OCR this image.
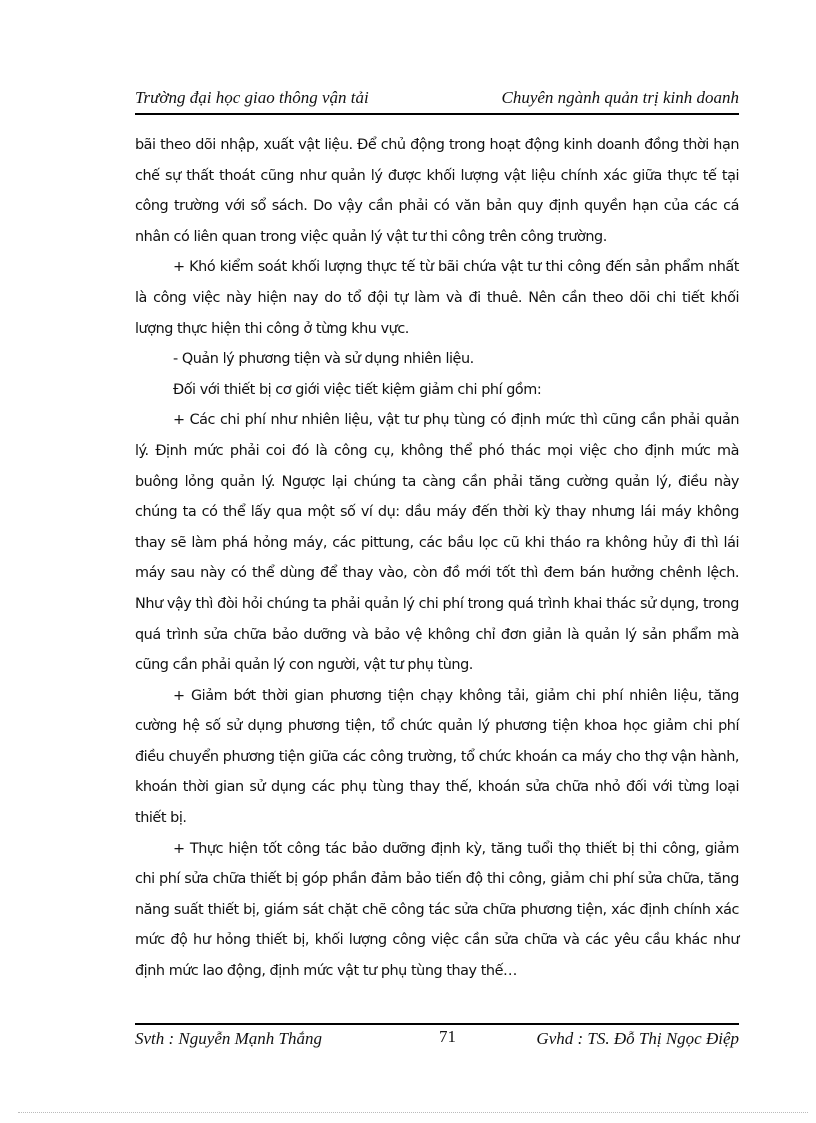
Trường đại học giao thông vận tải	Chuyên ngành quản trị kinh doanh

bãi theo dõi nhập, xuất vật liệu. Để chủ động trong hoạt động kinh doanh đồng thời hạn chế sự thất thoát cũng như quản lý được khối lượng vật liệu chính xác giữa thực tế tại công trường với sổ sách. Do vậy cần phải có văn bản quy định quyền hạn của các cá nhân có liên quan trong việc quản lý vật tư thi công trên công trường.

+ Khó kiểm soát khối lượng thực tế từ bãi chứa vật tư thi công đến sản phẩm nhất là công việc này hiện nay do tổ đội tự làm và đi thuê. Nên cần theo dõi chi tiết khối lượng thực hiện thi công ở từng khu vực.

- Quản lý phương tiện và sử dụng nhiên liệu.

Đối với thiết bị cơ giới việc tiết kiệm giảm chi phí gồm:

+ Các chi phí như nhiên liệu, vật tư phụ tùng có định mức thì cũng cần phải quản lý. Định mức phải coi đó là công cụ, không thể phó thác mọi việc cho định mức mà buông lỏng quản lý. Ngược lại chúng ta càng cần phải tăng cường quản lý, điều này chúng ta có thể lấy qua một số ví dụ: dầu máy đến thời kỳ thay nhưng lái máy không thay sẽ làm phá hỏng máy, các pittung, các bầu lọc cũ khi tháo ra không hủy đi thì lái máy sau này có thể dùng để thay vào, còn đồ mới tốt thì đem bán hưởng chênh lệch. Như vậy thì đòi hỏi chúng ta phải quản lý chi phí trong quá trình khai thác sử dụng, trong quá trình sửa chữa bảo dưỡng và bảo vệ không chỉ đơn giản là quản lý sản phẩm mà cũng cần phải quản lý con người, vật tư phụ tùng.

+ Giảm bớt thời gian phương tiện chạy không tải, giảm chi phí nhiên liệu, tăng cường hệ số sử dụng phương tiện, tổ chức quản lý phương tiện khoa học giảm chi phí điều chuyển phương tiện giữa các công trường, tổ chức khoán ca máy cho thợ vận hành, khoán thời gian sử dụng các phụ tùng thay thế, khoán sửa chữa nhỏ đối với từng loại thiết bị.

+ Thực hiện tốt công tác bảo dưỡng định kỳ, tăng tuổi thọ thiết bị thi công, giảm chi phí sửa chữa thiết bị góp phần đảm bảo tiến độ thi công, giảm chi phí sửa chữa, tăng năng suất thiết bị, giám sát chặt chẽ công tác sửa chữa phương tiện, xác định chính xác mức độ hư hỏng thiết bị, khối lượng công việc cần sửa chữa và các yêu cầu khác như định mức lao động, định mức vật tư phụ tùng thay thế…

Svth : Nguyễn Mạnh Thắng	71	Gvhd : TS. Đỗ Thị Ngọc Điệp
